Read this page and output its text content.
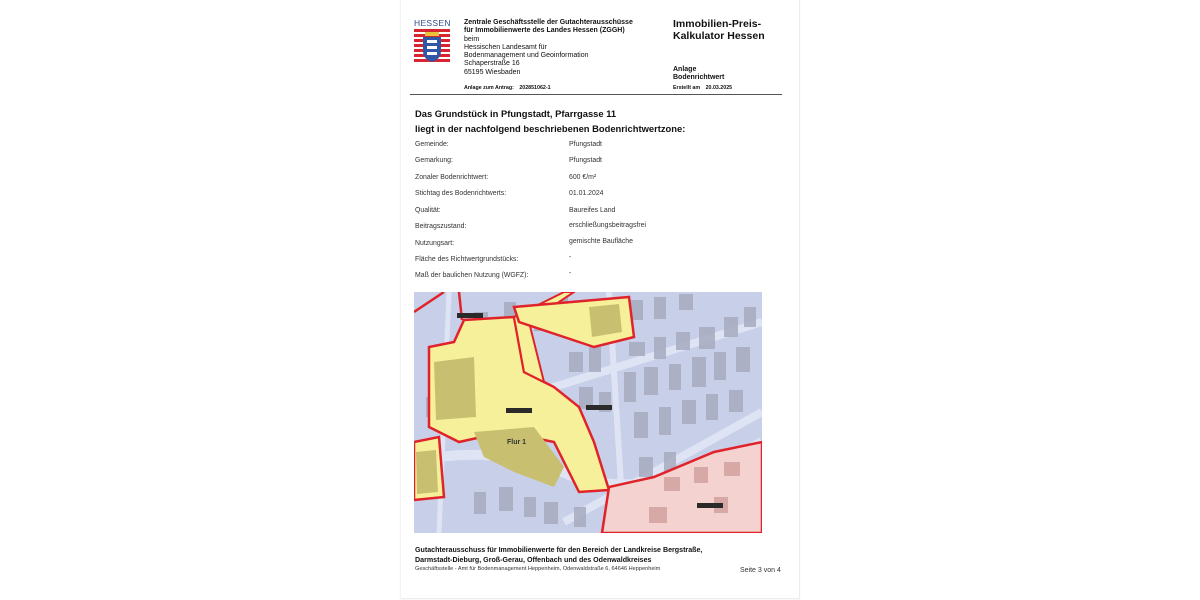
HESSEN Zentrale Geschäftsstelle der Gutachterausschüsse
für Immobilienwerte des Landes Hessen (ZGGH)
beim
Hessischen Landesamt für
Bodenmanagement und Geoinformation
Schaperstraße 16
65195 Wiesbaden
Anlage zum Antrag: 202851062-1
Immobilien-Preis-
Kalkulator Hessen
Anlage
Bodenrichtwert
Erstellt am 20.03.2025
Das Grundstück in Pfungstadt, Pfarrgasse 11
liegt in der nachfolgend beschriebenen Bodenrichtwertzone:
Gemeinde:	Pfungstadt
Gemarkung:	Pfungstadt
Zonaler Bodenrichtwert:	600 €/m²
Stichtag des Bodenrichtwerts:	01.01.2024
Qualität:	Baureifes Land
Beitragszustand:	erschließungsbeitragsfrei
Nutzungsart:	gemischte Baufläche
Fläche des Richtwertgrundstücks:	-
Maß der baulichen Nutzung (WGFZ):	-
Flur 1
Gutachterausschuss für Immobilienwerte für den Bereich der Landkreise Bergstraße,
Darmstadt-Dieburg, Groß-Gerau, Offenbach und des Odenwaldkreises
Geschäftsstelle - Amt für Bodenmanagement Heppenheim, Odenwaldstraße 6, 64646 Heppenheim	Seite 3 von 4
